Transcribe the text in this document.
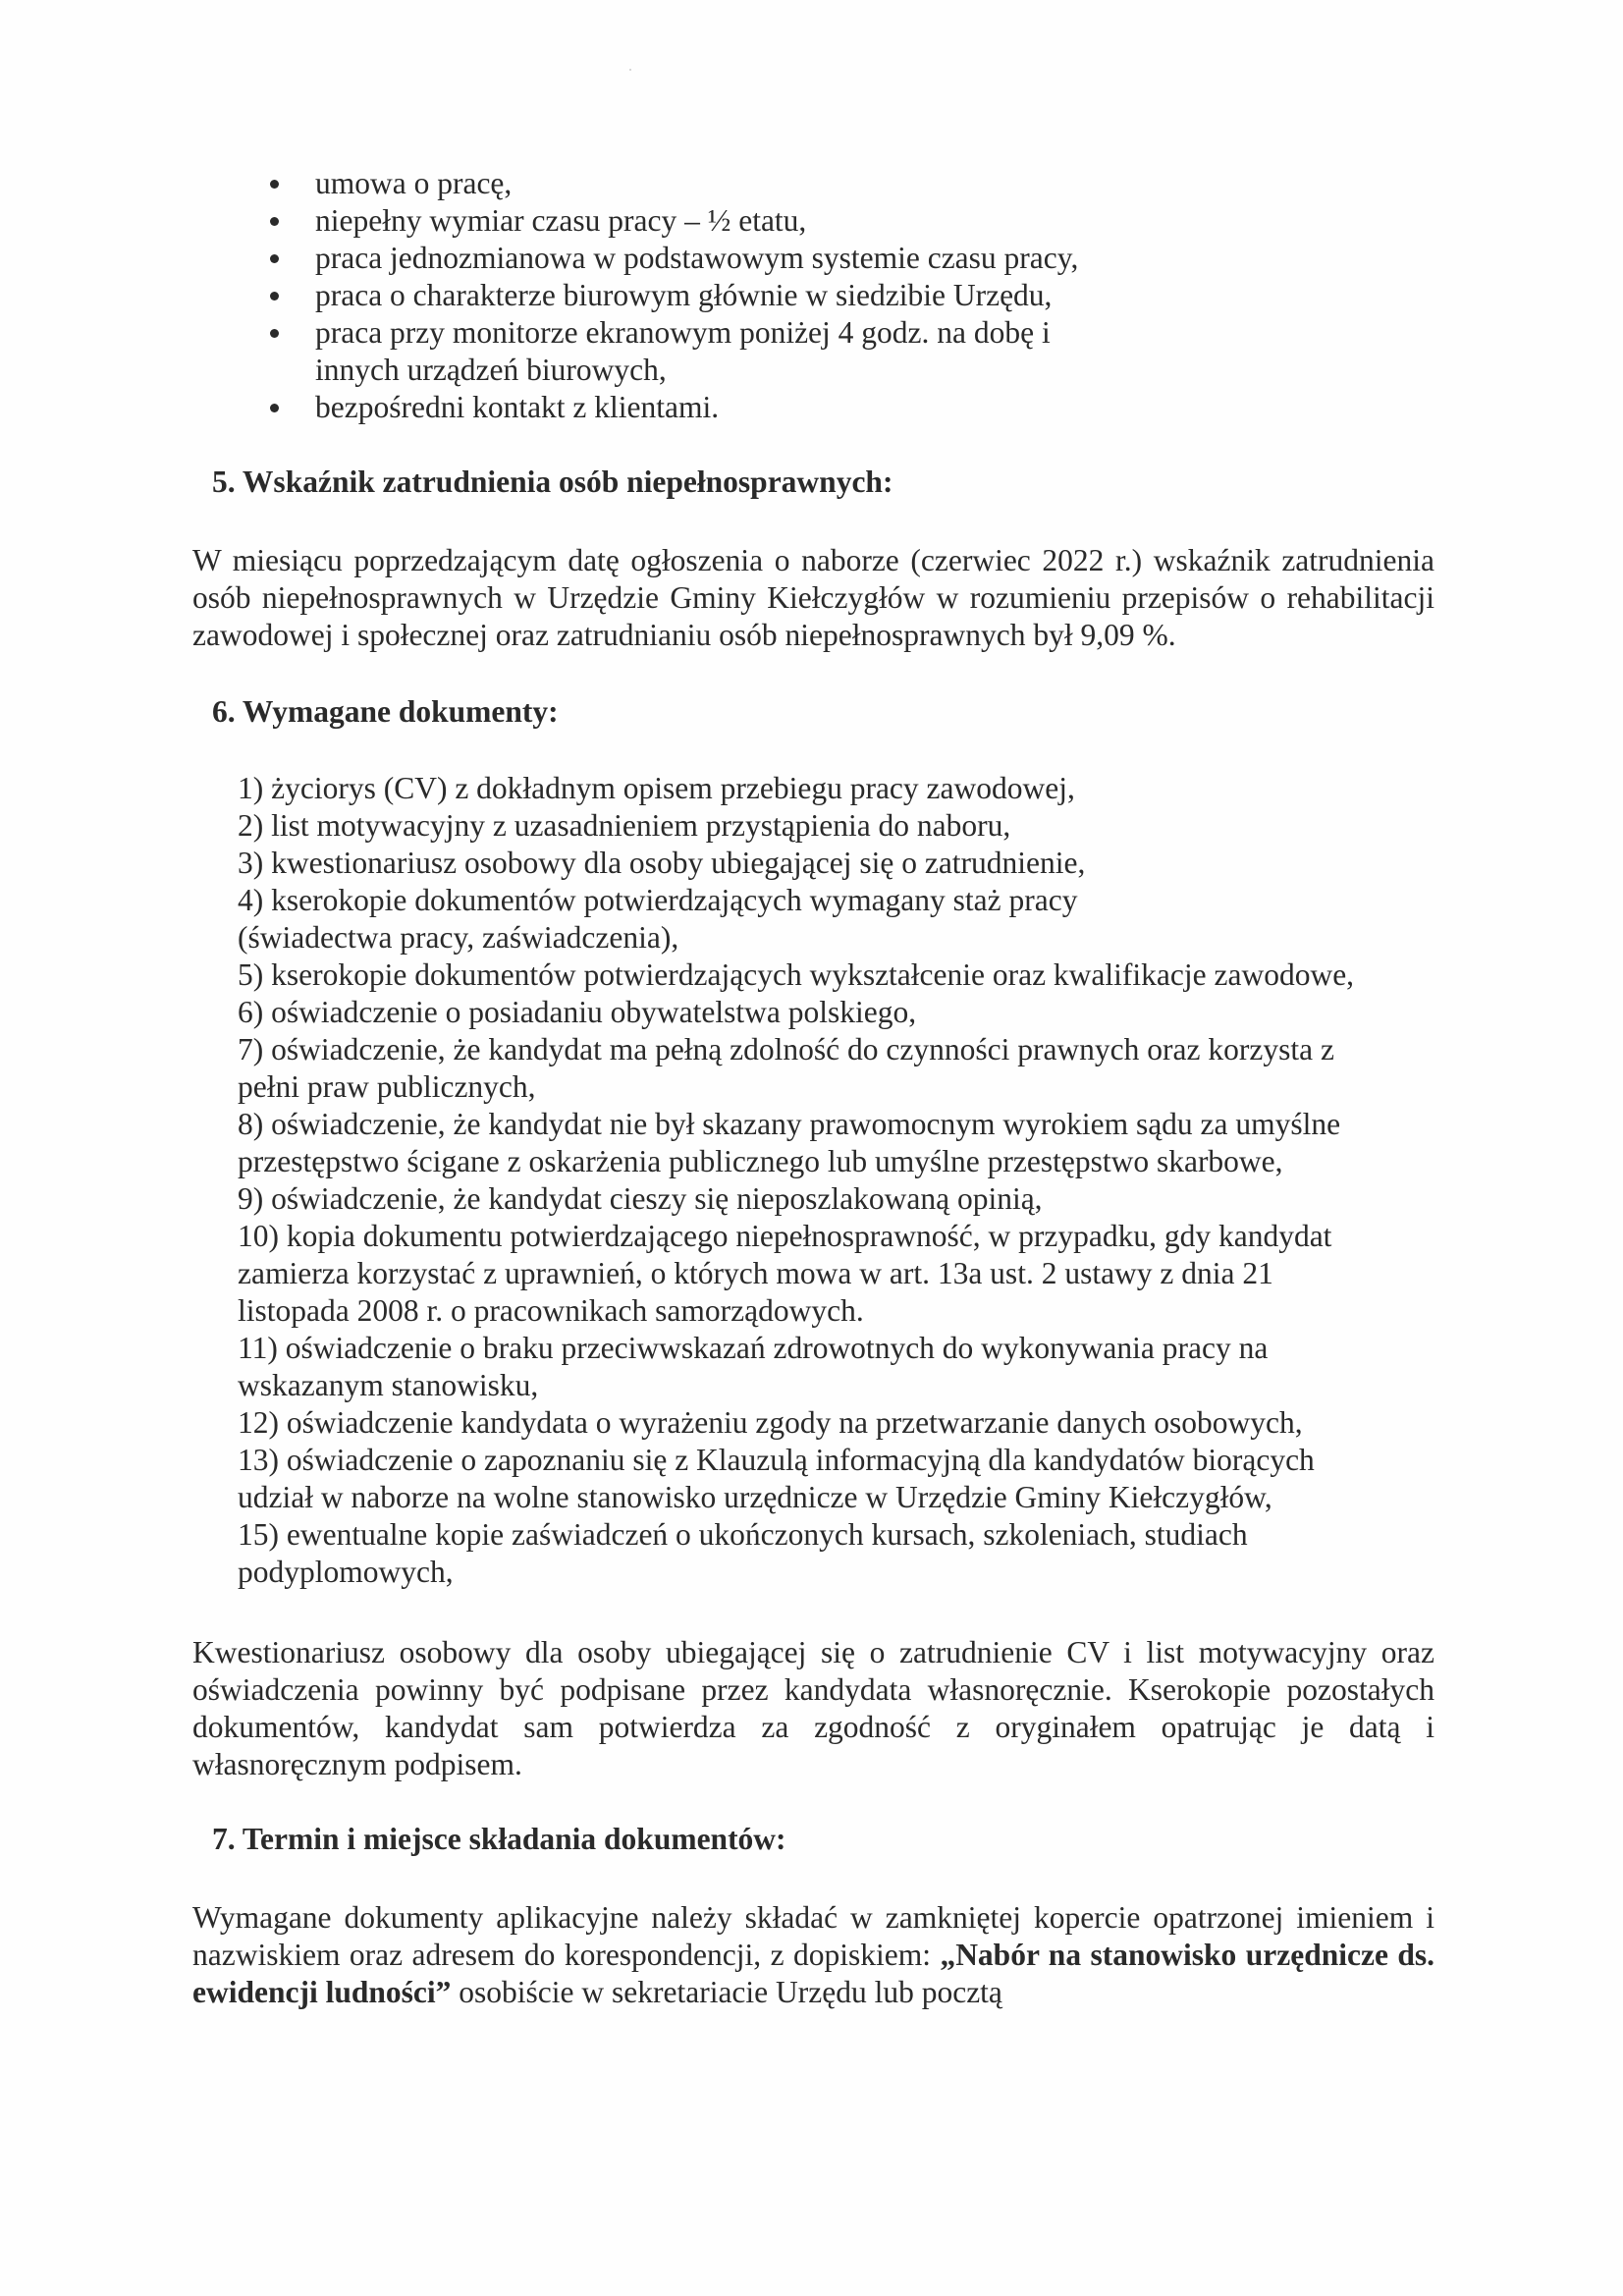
umowa o pracę,
niepełny wymiar czasu pracy – ½ etatu,
praca jednozmianowa w podstawowym systemie czasu pracy,
praca o charakterze biurowym głównie w siedzibie Urzędu,
praca przy monitorze ekranowym poniżej 4 godz. na dobę i innych urządzeń biurowych,
bezpośredni kontakt z klientami.

5. Wskaźnik zatrudnienia osób niepełnosprawnych:

W miesiącu poprzedzającym datę ogłoszenia o naborze (czerwiec 2022 r.) wskaźnik zatrudnienia osób niepełnosprawnych w Urzędzie Gminy Kiełczygłów w rozumieniu przepisów o rehabilitacji zawodowej i społecznej oraz zatrudnianiu osób niepełnosprawnych był 9,09 %.

6. Wymagane dokumenty:

1) życiorys (CV) z dokładnym opisem przebiegu pracy zawodowej,
2) list motywacyjny z uzasadnieniem przystąpienia do naboru,
3) kwestionariusz osobowy dla osoby ubiegającej się o zatrudnienie,
4) kserokopie dokumentów potwierdzających wymagany staż pracy (świadectwa pracy, zaświadczenia),
5) kserokopie dokumentów potwierdzających wykształcenie oraz kwalifikacje zawodowe,
6) oświadczenie o posiadaniu obywatelstwa polskiego,
7) oświadczenie, że kandydat ma pełną zdolność do czynności prawnych oraz korzysta z pełni praw publicznych,
8) oświadczenie, że kandydat nie był skazany prawomocnym wyrokiem sądu za umyślne przestępstwo ścigane z oskarżenia publicznego lub umyślne przestępstwo skarbowe,
9) oświadczenie, że kandydat cieszy się nieposzlakowaną opinią,
10) kopia dokumentu potwierdzającego niepełnosprawność, w przypadku, gdy kandydat zamierza korzystać z uprawnień, o których mowa w art. 13a ust. 2 ustawy z dnia 21 listopada 2008 r. o pracownikach samorządowych.
11) oświadczenie o braku przeciwwskazań zdrowotnych do wykonywania pracy na wskazanym stanowisku,
12) oświadczenie kandydata o wyrażeniu zgody na przetwarzanie danych osobowych,
13) oświadczenie o zapoznaniu się z Klauzulą informacyjną dla kandydatów biorących udział w naborze na wolne stanowisko urzędnicze w Urzędzie Gminy Kiełczygłów,
15) ewentualne kopie zaświadczeń o ukończonych kursach, szkoleniach, studiach podyplomowych,

Kwestionariusz osobowy dla osoby ubiegającej się o zatrudnienie CV i list motywacyjny oraz oświadczenia powinny być podpisane przez kandydata własnoręcznie. Kserokopie pozostałych dokumentów, kandydat sam potwierdza za zgodność z oryginałem opatrując je datą i własnoręcznym podpisem.

7. Termin i miejsce składania dokumentów:

Wymagane dokumenty aplikacyjne należy składać w zamkniętej kopercie opatrzonej imieniem i nazwiskiem oraz adresem do korespondencji, z dopiskiem: „Nabór na stanowisko urzędnicze ds. ewidencji ludności” osobiście w sekretariacie Urzędu lub pocztą
